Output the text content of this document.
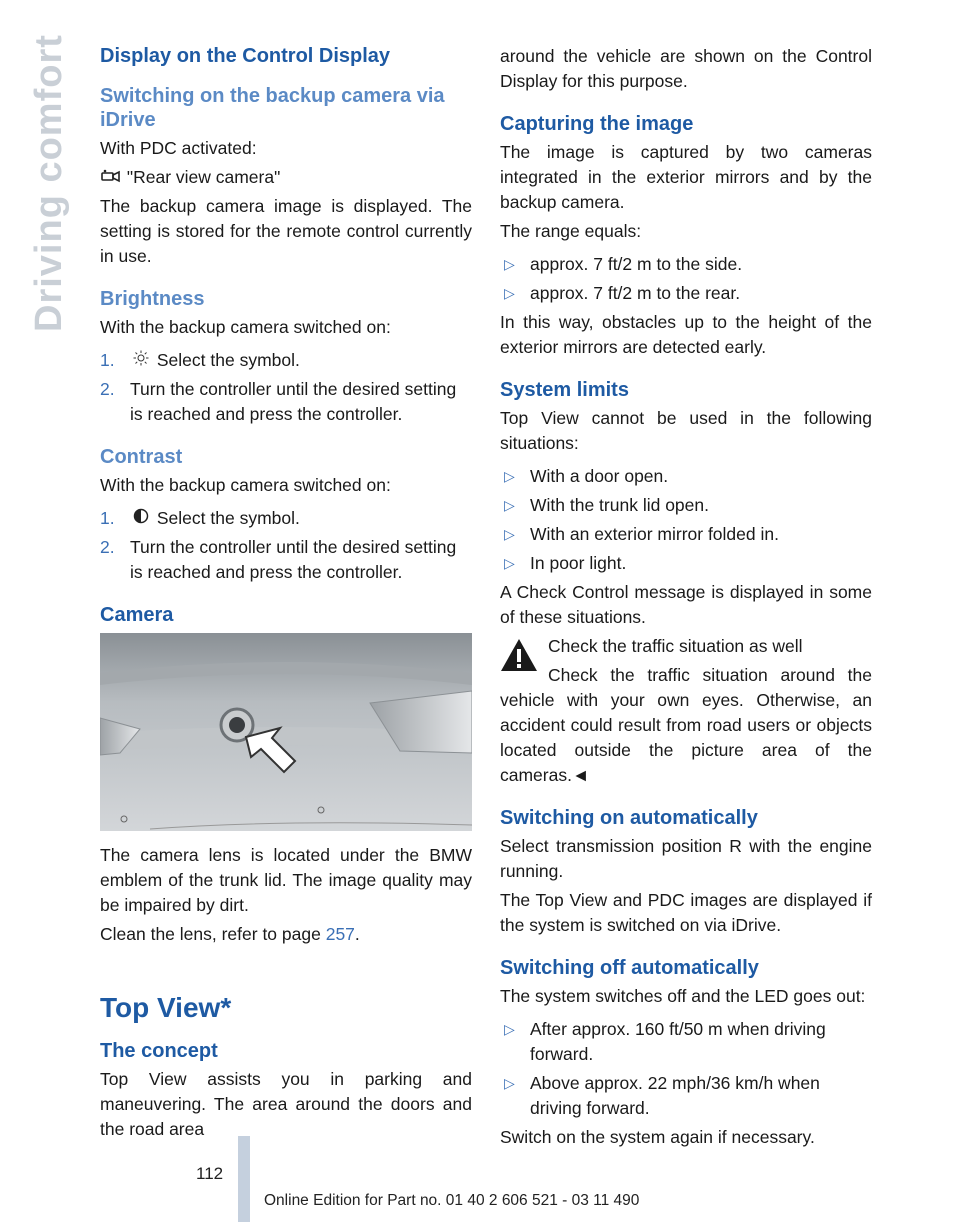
Driving comfort Display on the Control Display
Switching on the backup camera via iDrive

With PDC activated:

"Rear view camera"

The backup camera image is displayed. The setting is stored for the remote control currently in use.

Brightness

With the backup camera switched on:

1. Select the symbol.
2. Turn the controller until the desired setting is reached and press the controller.
Contrast

With the backup camera switched on:

1. Select the symbol.
2. Turn the controller until the desired setting is reached and press the controller.
Camera

The camera lens is located under the BMW emblem of the trunk lid. The image quality may be impaired by dirt.

Clean the lens, refer to page 257.

Top View*
The concept

Top View assists you in parking and maneuvering. The area around the doors and the road area

around the vehicle are shown on the Control Display for this purpose.

Capturing the image

The image is captured by two cameras integrated in the exterior mirrors and by the backup camera.

The range equals:

▷ approx. 7 ft/2 m to the side.
▷ approx. 7 ft/2 m to the rear.

In this way, obstacles up to the height of the exterior mirrors are detected early.

System limits

Top View cannot be used in the following situations:

▷ With a door open.
▷ With the trunk lid open.
▷ With an exterior mirror folded in.
▷ In poor light.

A Check Control message is displayed in some of these situations.

Check the traffic situation as well

Check the traffic situation around the vehicle with your own eyes. Otherwise, an accident could result from road users or objects located outside the picture area of the cameras.◄

Switching on automatically

Select transmission position R with the engine running.

The Top View and PDC images are displayed if the system is switched on via iDrive.

Switching off automatically

The system switches off and the LED goes out:

▷ After approx. 160 ft/50 m when driving forward.
▷ Above approx. 22 mph/36 km/h when driving forward.

Switch on the system again if necessary.

112
Online Edition for Part no. 01 40 2 606 521 - 03 11 490
